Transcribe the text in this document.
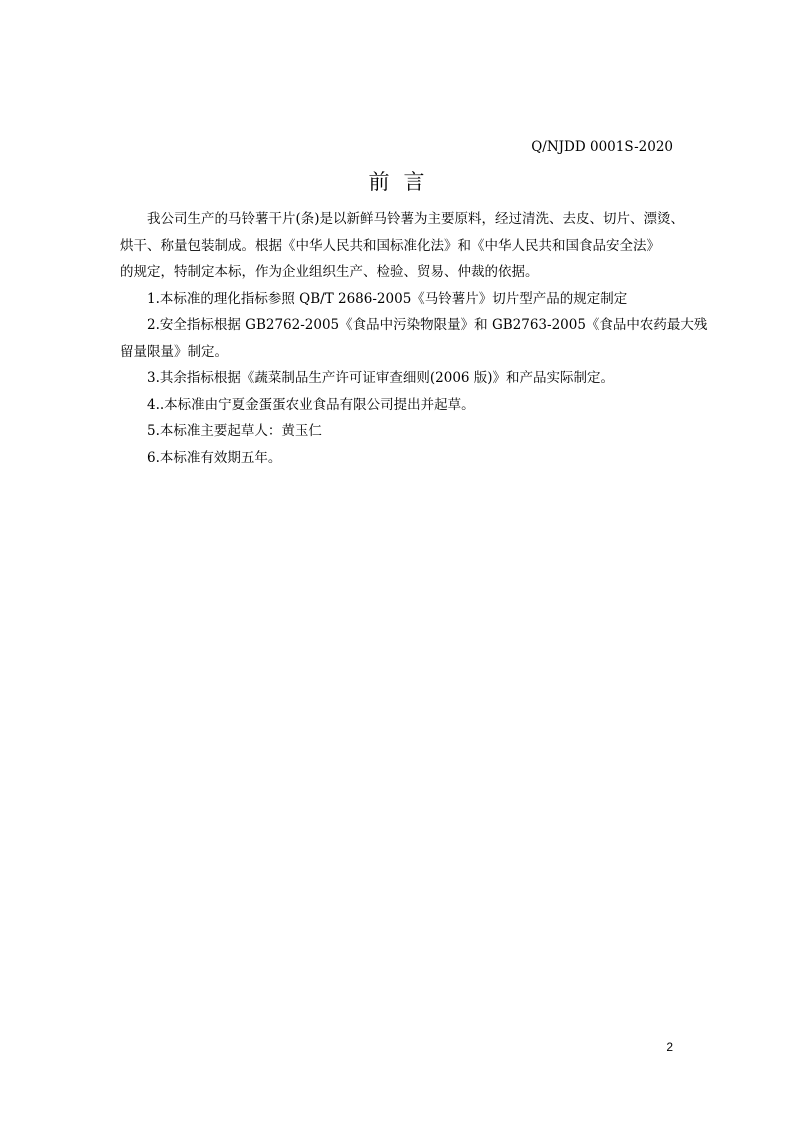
Q/NJDD 0001S-2020
前言

我公司生产的马铃薯干片(条)是以新鲜马铃薯为主要原料，经过清洗、去皮、切片、漂烫、

烘干、称量包装制成。根据《中华人民共和国标准化法》和《中华人民共和国食品安全法》
的规定，特制定本标，作为企业组织生产、检验、贸易、仲裁的依据。

1.本标准的理化指标参照 QB/T 2686-2005《马铃薯片》切片型产品的规定制定

2.安全指标根据 GB2762-2005《食品中污染物限量》和 GB2763-2005《食品中农药最大残

留量限量》制定。

3.其余指标根据《蔬菜制品生产许可证审查细则(2006 版)》和产品实际制定。

4..本标准由宁夏金蛋蛋农业食品有限公司提出并起草。

5.本标准主要起草人：黄玉仁

6.本标准有效期五年。

2
